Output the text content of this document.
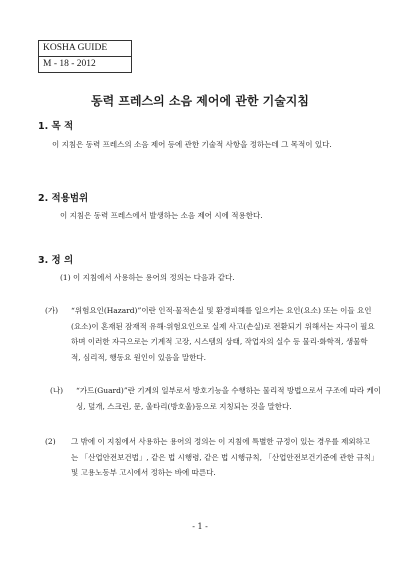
KOSHA GUIDE
M - 18 - 2012
동력 프레스의 소음 제어에 관한 기술지침
1. 목 적
이 지침은 동력 프레스의 소음 제어 등에 관한 기술적 사항을 정하는데 그 목적이 있다.
2. 적용범위
이 지침은 동력 프레스에서 발생하는 소음 제어 시에 적용한다.
3. 정 의
(1) 이 지침에서 사용하는 용어의 정의는 다음과 같다.
(가) “위험요인(Hazard)”이란 인적·물적손실 및 환경피해를 일으키는 요인(요소) 또는 이들 요인(요소)이 혼재된 잠재적 유해·위험요인으로 실제 사고(손실)로 전환되기 위해서는 자극이 필요하며 이러한 자극으로는 기계적 고장, 시스템의 상태, 작업자의 실수 등 물리·화학적, 생물학적, 심리적, 행동요 원인이 있음을 말한다.
(나) “가드(Guard)”란 기계의 일부로서 방호기능을 수행하는 물리적 방법으로서 구조에 따라 케이싱, 덮개, 스크린, 문, 울타리(방호울)등으로 지칭되는 것을 말한다.
(2) 그 밖에 이 지침에서 사용하는 용어의 정의는 이 지침에 특별한 규정이 있는 경우를 제외하고는 「산업안전보건법」, 같은 법 시행령, 같은 법 시행규칙, 「산업안전보건기준에 관한 규칙」및 고용노동부 고시에서 정하는 바에 따른다.
- 1 -
